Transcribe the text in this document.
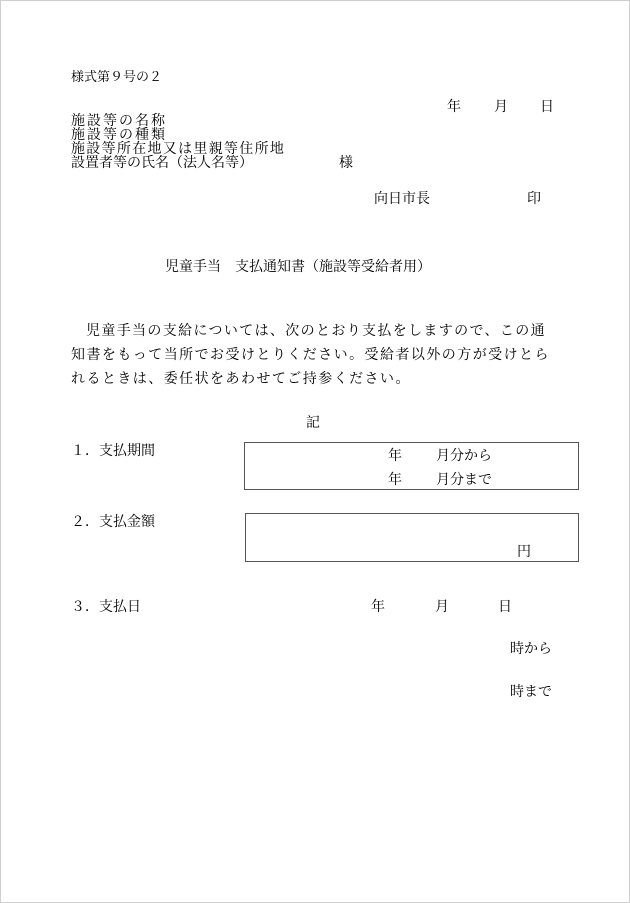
様式第９号の２
年 月 日
施設等の名称
施設等の種類
施設等所在地又は里親等住所地
設置者等の氏名（法人名等）	様
向日市長	印
児童手当　支払通知書（施設等受給者用）
児童手当の支給については、次のとおり支払をしますので、この通
知書をもって当所でお受けとりください。受給者以外の方が受けとら
れるときは、委任状をあわせてご持参ください。
記
１．支払期間	年 月分から
年 月分まで
２．支払金額
円
３．支払日	年	月	日
時から
時まで
